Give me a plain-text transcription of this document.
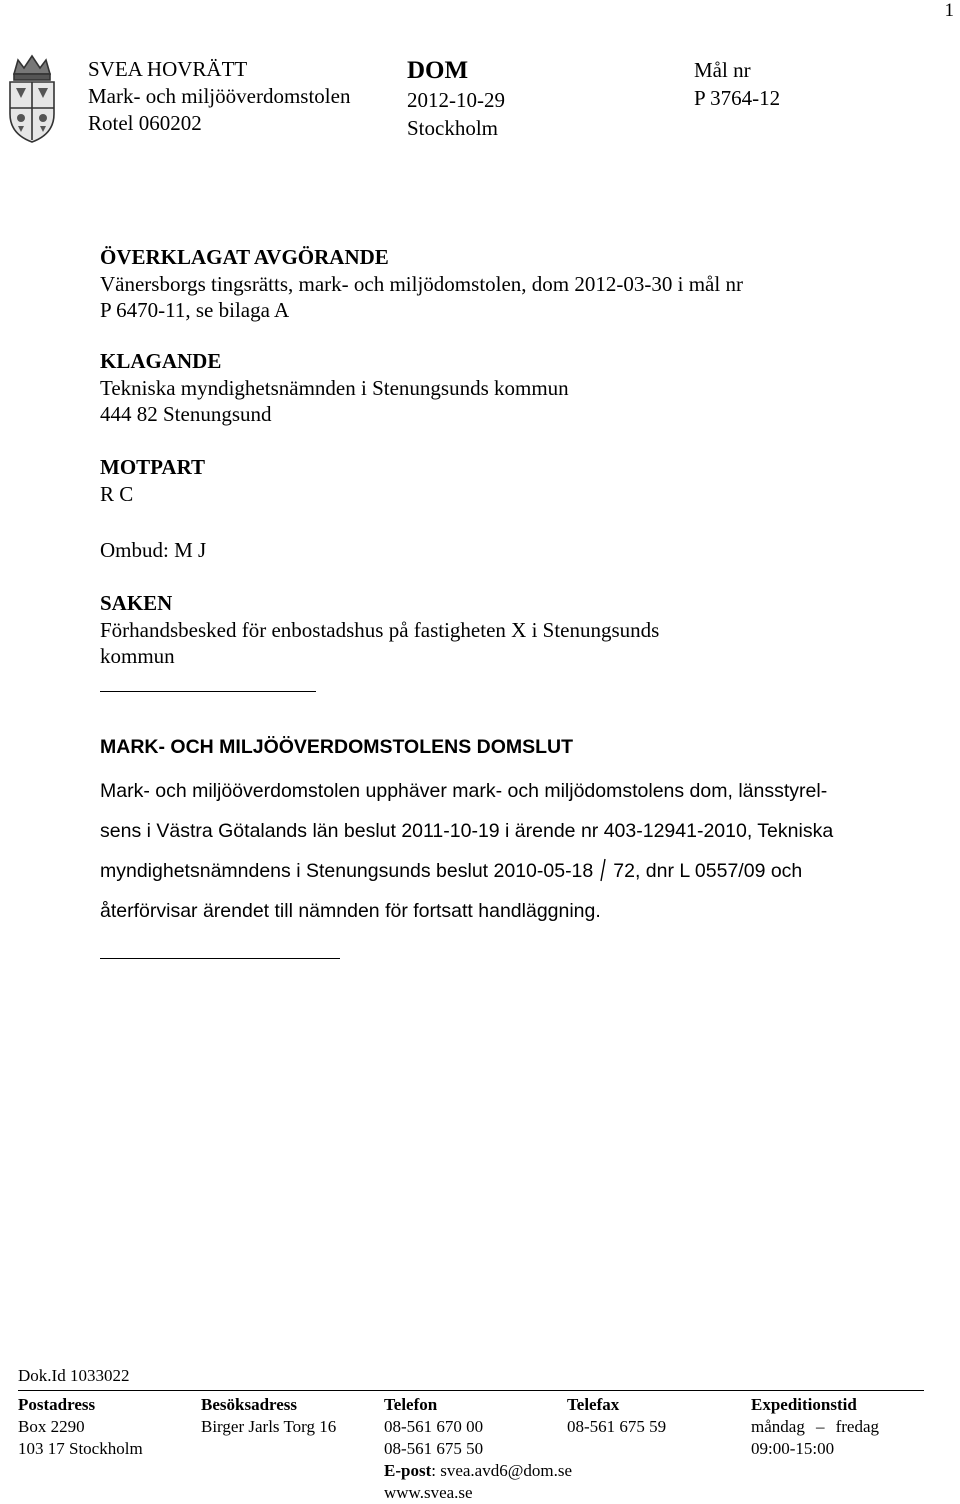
1
SVEA HOVRÄTT
Mark- och miljööverdomstolen
Rotel 060202
DOM
2012-10-29
Stockholm
Mål nr
P 3764-12
ÖVERKLAGAT AVGÖRANDE
Vänersborgs tingsrätts, mark- och miljödomstolen, dom 2012-03-30 i mål nr
P 6470-11, se bilaga A
KLAGANDE
Tekniska myndighetsnämnden i Stenungsunds kommun
444 82 Stenungsund
MOTPART
R C
Ombud: M J
SAKEN
Förhandsbesked för enbostadshus på fastigheten X i Stenungsunds
kommun
MARK- OCH MILJÖÖVERDOMSTOLENS DOMSLUT
Mark- och miljööverdomstolen upphäver mark- och miljödomstolens dom, länsstyrel-
sens i Västra Götalands län beslut 2011-10-19 i ärende nr 403-12941-2010, Tekniska
myndighetsnämndens i Stenungsunds beslut 2010-05-18 72, dnr L 0557/09 och
återförvisar ärendet till nämnden för fortsatt handläggning.
Dok.Id 1033022
Postadress
Box 2290
103 17 Stockholm
Besöksadress
Birger Jarls Torg 16
Telefon
08-561 670 00
08-561 675 50
E-post: svea.avd6@dom.se
www.svea.se
Telefax
08-561 675 59
Expeditionstid
måndag – fredag
09:00-15:00
